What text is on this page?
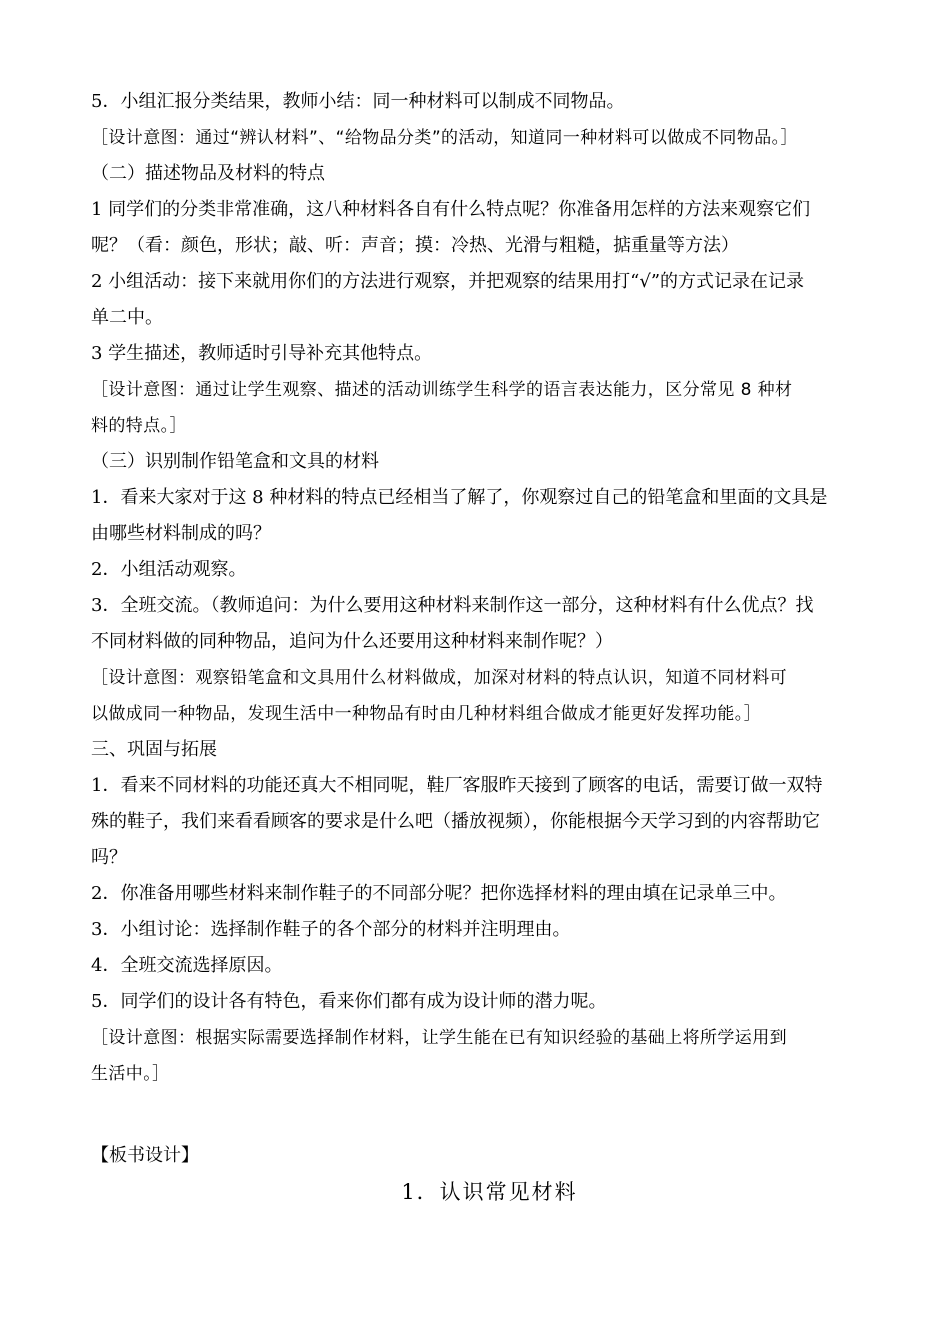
5．小组汇报分类结果，教师小结：同一种材料可以制成不同物品。
［设计意图：通过“辨认材料”、“给物品分类”的活动，知道同一种材料可以做成不同物品。］
（二）描述物品及材料的特点
1 同学们的分类非常准确，这八种材料各自有什么特点呢？你准备用怎样的方法来观察它们
呢？（看：颜色，形状；敲、听：声音；摸：冷热、光滑与粗糙，掂重量等方法）
2 小组活动：接下来就用你们的方法进行观察，并把观察的结果用打“√”的方式记录在记录
单二中。
3 学生描述，教师适时引导补充其他特点。
［设计意图：通过让学生观察、描述的活动训练学生科学的语言表达能力，区分常见 8 种材
料的特点。］
（三）识别制作铅笔盒和文具的材料
1．看来大家对于这 8 种材料的特点已经相当了解了，你观察过自己的铅笔盒和里面的文具是
由哪些材料制成的吗？
2．小组活动观察。
3．全班交流。（教师追问：为什么要用这种材料来制作这一部分，这种材料有什么优点？找
不同材料做的同种物品，追问为什么还要用这种材料来制作呢？）
［设计意图：观察铅笔盒和文具用什么材料做成，加深对材料的特点认识，知道不同材料可
以做成同一种物品，发现生活中一种物品有时由几种材料组合做成才能更好发挥功能。］
三、巩固与拓展
1．看来不同材料的功能还真大不相同呢，鞋厂客服昨天接到了顾客的电话，需要订做一双特
殊的鞋子，我们来看看顾客的要求是什么吧（播放视频），你能根据今天学习到的内容帮助它
吗？
2．你准备用哪些材料来制作鞋子的不同部分呢？把你选择材料的理由填在记录单三中。
3．小组讨论：选择制作鞋子的各个部分的材料并注明理由。
4．全班交流选择原因。
5．同学们的设计各有特色，看来你们都有成为设计师的潜力呢。
［设计意图：根据实际需要选择制作材料，让学生能在已有知识经验的基础上将所学运用到
生活中。］
【板书设计】
1．认识常见材料
